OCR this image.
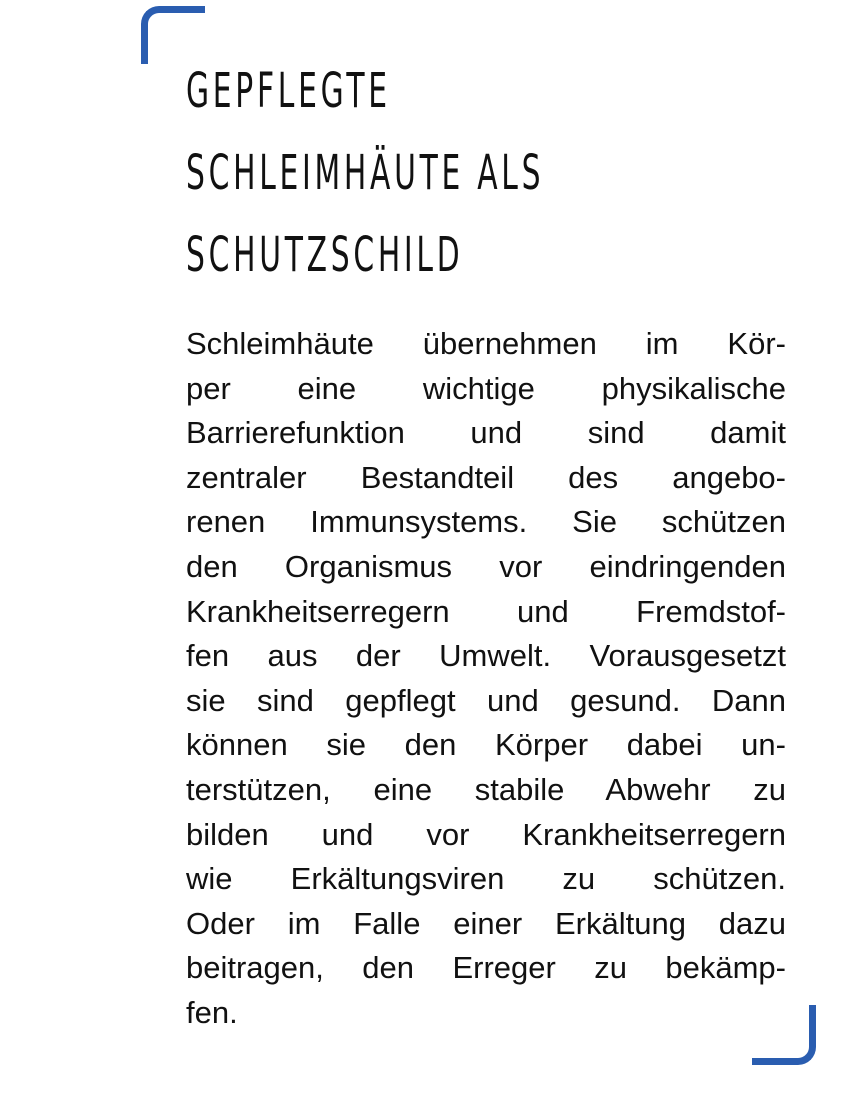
GEPFLEGTE
SCHLEIMHÄUTE ALS
SCHUTZSCHILD
Schleimhäute übernehmen im Kör-
per eine wichtige physikalische
Barrierefunktion und sind damit
zentraler Bestandteil des angebo-
renen Immunsystems. Sie schützen
den Organismus vor eindringenden
Krankheitserregern und Fremdstof-
fen aus der Umwelt. Vorausgesetzt
sie sind gepflegt und gesund. Dann
können sie den Körper dabei un-
terstützen, eine stabile Abwehr zu
bilden und vor Krankheitserregern
wie Erkältungsviren zu schützen.
Oder im Falle einer Erkältung dazu
beitragen, den Erreger zu bekämp-
fen.
